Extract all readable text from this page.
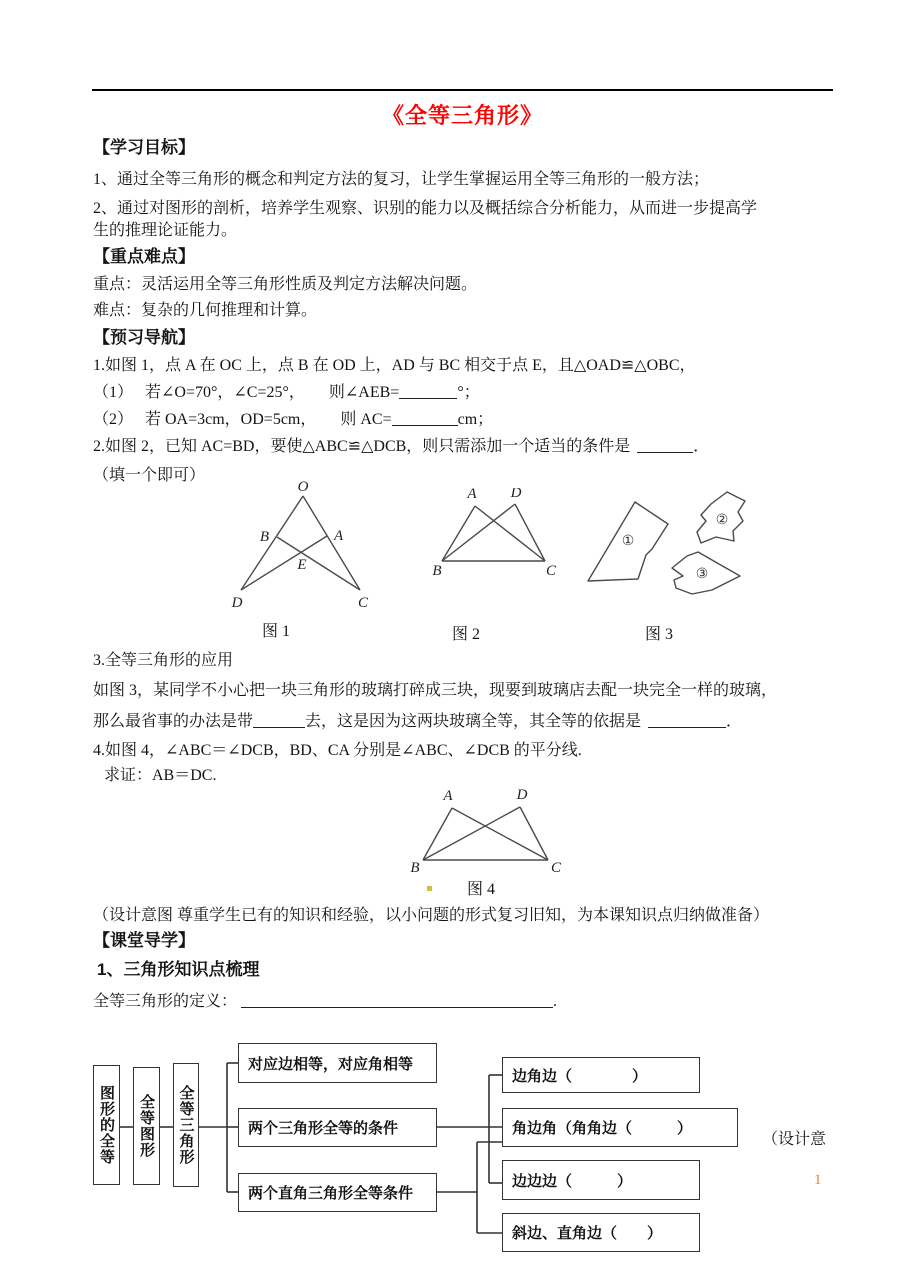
《全等三角形》
【学习目标】
1、通过全等三角形的概念和判定方法的复习，让学生掌握运用全等三角形的一般方法；
2、通过对图形的剖析，培养学生观察、识别的能力以及概括综合分析能力，从而进一步提高学
生的推理论证能力。
【重点难点】
重点：灵活运用全等三角形性质及判定方法解决问题。
难点：复杂的几何推理和计算。
【预习导航】
1.如图 1，点 A 在 OC 上，点 B 在 OD 上，AD 与 BC 相交于点 E，且△OAD≌△OBC，
（1）　 若∠O=70°，∠C=25°，　　则∠AEB=	°；
（2）　 若 OA=3cm，OD=5cm，　　则 AC=	cm；
2.如图 2，已知 AC=BD，要使△ABC≌△DCB，则只需添加一个适当的条件是	．
（填一个即可）
O
B	A
E
D	C
图 1
A D
B	C
图 2
①
②
③
图 3
3.全等三角形的应用
如图 3，某同学不小心把一块三角形的玻璃打碎成三块，现要到玻璃店去配一块完全一样的玻璃，
那么最省事的办法是带	去，这是因为这两块玻璃全等，其全等的依据是	．
4.如图 4，∠ABC＝∠DCB，BD、CA 分别是∠ABC、∠DCB 的平分线.
求证：AB＝DC.
A	D
B	C
图 4
（设计意图 尊重学生已有的知识和经验，以小问题的形式复习旧知，为本课知识点归纳做准备）
【课堂导学】
1、三角形知识点梳理
全等三角形的定义：	.
图形的全等	全等图形	全等三角形
对应边相等，对应角相等
两个三角形全等的条件
两个直角三角形全等条件
边角边（　　　　）
角边角（角角边（　　　）
边边边（　　　）
斜边、直角边（　　）
（设计意
1
